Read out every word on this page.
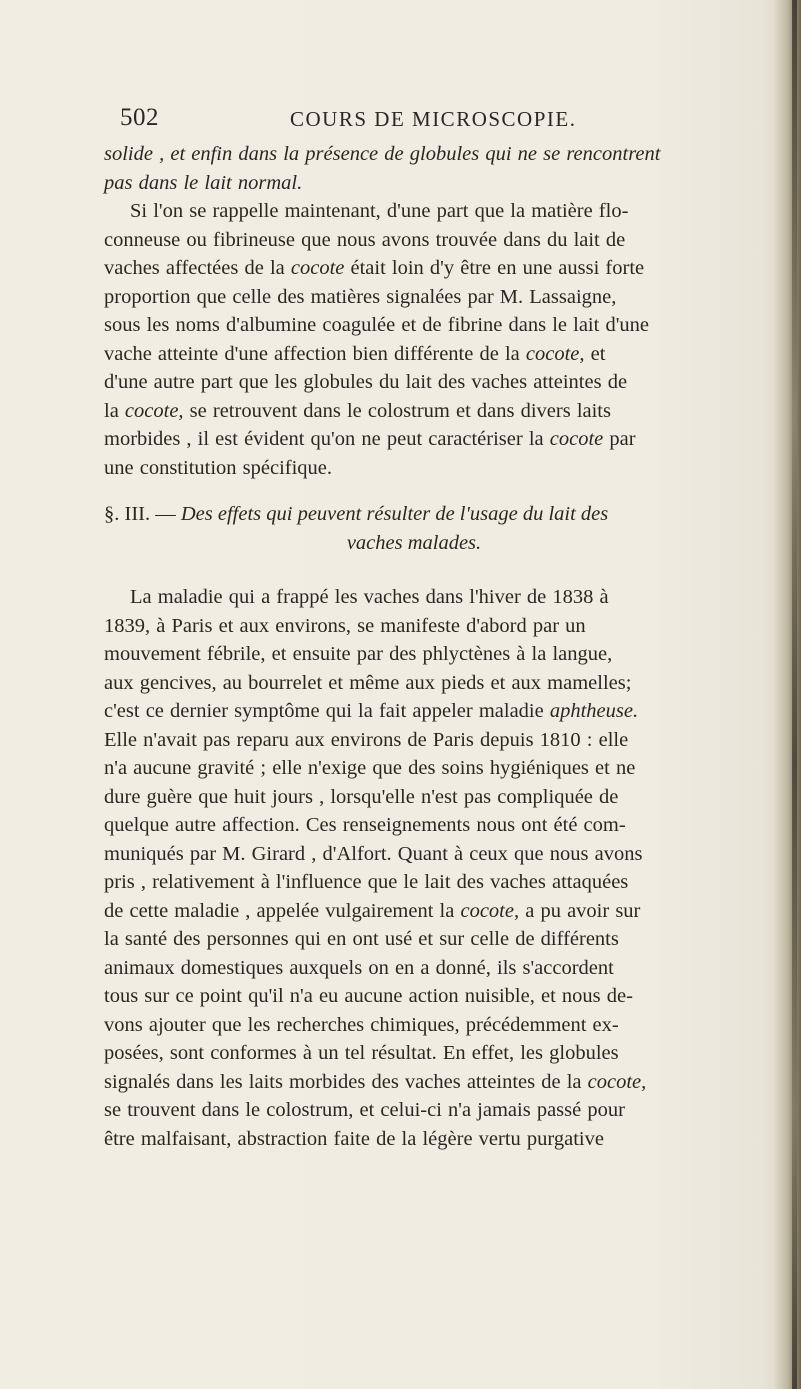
502	COURS DE MICROSCOPIE.
solide , et enfin dans la présence de globules qui ne se rencontrent
pas dans le lait normal.
Si l'on se rappelle maintenant, d'une part que la matière flo-
conneuse ou fibrineuse que nous avons trouvée dans du lait de
vaches affectées de la cocote était loin d'y être en une aussi forte
proportion que celle des matières signalées par M. Lassaigne,
sous les noms d'albumine coagulée et de fibrine dans le lait d'une
vache atteinte d'une affection bien différente de la cocote, et
d'une autre part que les globules du lait des vaches atteintes de
la cocote, se retrouvent dans le colostrum et dans divers laits
morbides , il est évident qu'on ne peut caractériser la cocote par
une constitution spécifique.
§. III. — Des effets qui peuvent résulter de l'usage du lait des
vaches malades.
La maladie qui a frappé les vaches dans l'hiver de 1838 à
1839, à Paris et aux environs, se manifeste d'abord par un
mouvement fébrile, et ensuite par des phlyctènes à la langue,
aux gencives, au bourrelet et même aux pieds et aux mamelles;
c'est ce dernier symptôme qui la fait appeler maladie aphtheuse.
Elle n'avait pas reparu aux environs de Paris depuis 1810 : elle
n'a aucune gravité ; elle n'exige que des soins hygiéniques et ne
dure guère que huit jours , lorsqu'elle n'est pas compliquée de
quelque autre affection. Ces renseignements nous ont été com-
muniqués par M. Girard , d'Alfort. Quant à ceux que nous avons
pris , relativement à l'influence que le lait des vaches attaquées
de cette maladie , appelée vulgairement la cocote, a pu avoir sur
la santé des personnes qui en ont usé et sur celle de différents
animaux domestiques auxquels on en a donné, ils s'accordent
tous sur ce point qu'il n'a eu aucune action nuisible, et nous de-
vons ajouter que les recherches chimiques, précédemment ex-
posées, sont conformes à un tel résultat. En effet, les globules
signalés dans les laits morbides des vaches atteintes de la cocote,
se trouvent dans le colostrum, et celui-ci n'a jamais passé pour
être malfaisant, abstraction faite de la légère vertu purgative
